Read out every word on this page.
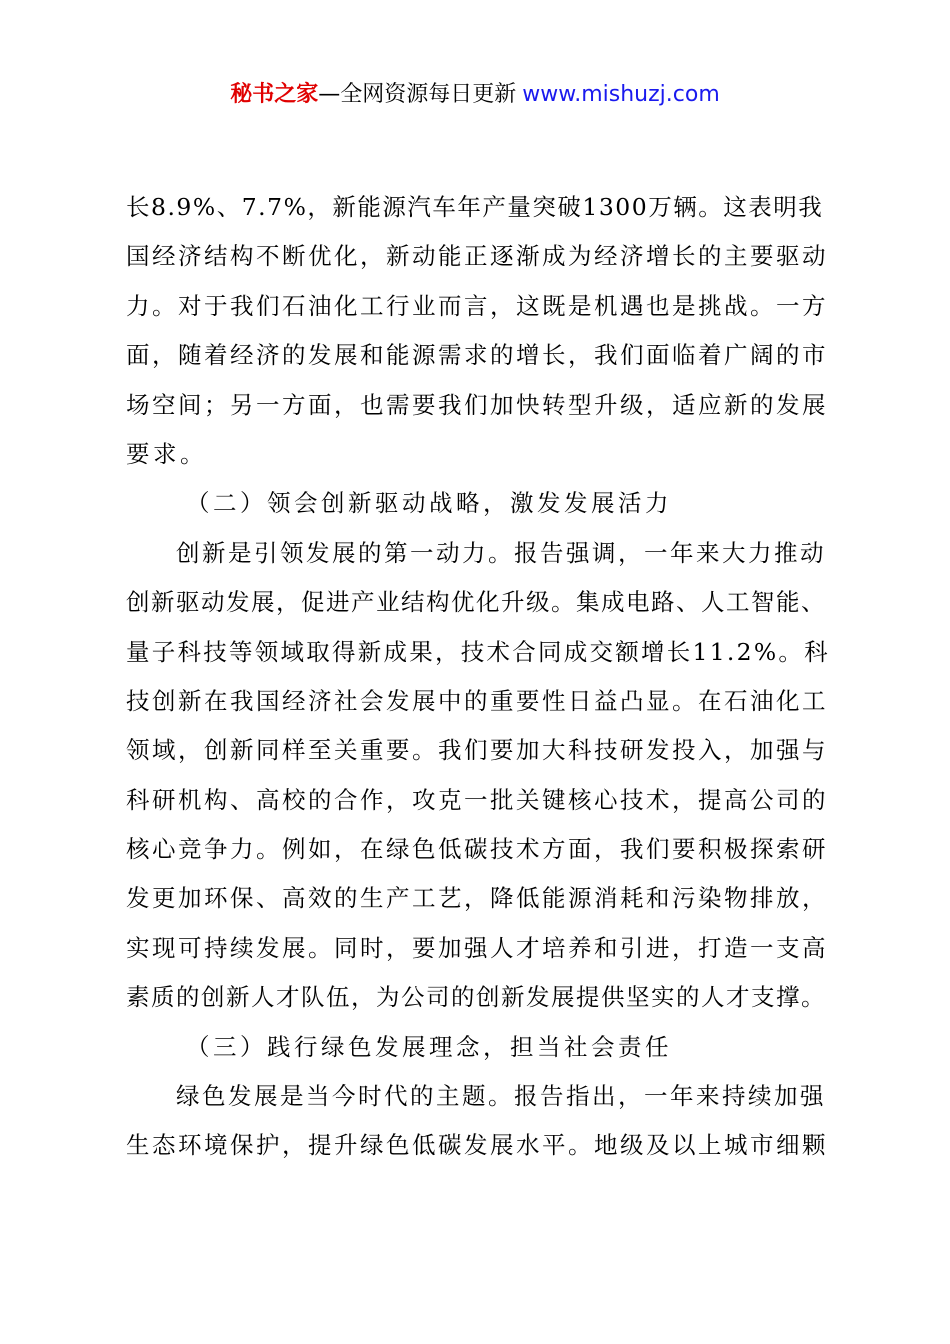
秘书之家—全网资源每日更新 www.mishuzj.com
长8.9%、7.7%，新能源汽车年产量突破1300万辆。这表明我
国经济结构不断优化，新动能正逐渐成为经济增长的主要驱动
力。对于我们石油化工行业而言，这既是机遇也是挑战。一方
面，随着经济的发展和能源需求的增长，我们面临着广阔的市
场空间；另一方面，也需要我们加快转型升级，适应新的发展
要求。
（二）领会创新驱动战略，激发发展活力
创新是引领发展的第一动力。报告强调，一年来大力推动
创新驱动发展，促进产业结构优化升级。集成电路、人工智能、
量子科技等领域取得新成果，技术合同成交额增长11.2%。科
技创新在我国经济社会发展中的重要性日益凸显。在石油化工
领域，创新同样至关重要。我们要加大科技研发投入，加强与
科研机构、高校的合作，攻克一批关键核心技术，提高公司的
核心竞争力。例如，在绿色低碳技术方面，我们要积极探索研
发更加环保、高效的生产工艺，降低能源消耗和污染物排放，
实现可持续发展。同时，要加强人才培养和引进，打造一支高
素质的创新人才队伍，为公司的创新发展提供坚实的人才支撑。
（三）践行绿色发展理念，担当社会责任
绿色发展是当今时代的主题。报告指出，一年来持续加强
生态环境保护，提升绿色低碳发展水平。地级及以上城市细颗
